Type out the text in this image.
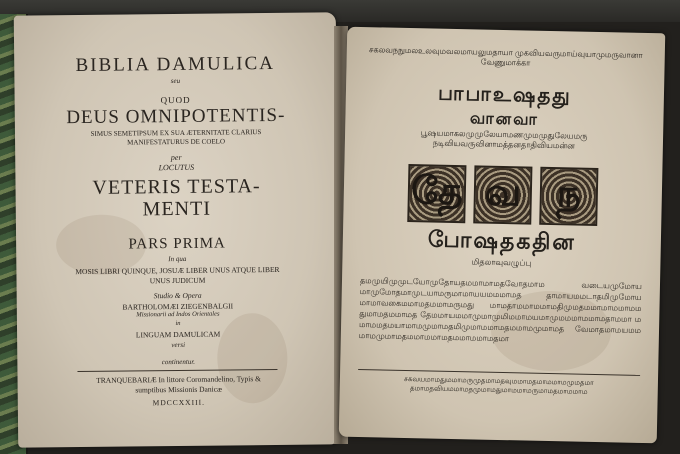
BIBLIA DAMULICA
seu
QUOD
DEUS OMNIPOTENTIS-
SIMUS SEMETIPSUM EX SUA ÆTERNITATE CLARIUS MANIFESTATURUS DE COELO
per
LOCUTUS
VETERIS TESTA- MENTI
PARS PRIMA
In qua
MOSIS LIBRI QUINQUE, JOSUÆ LIBER UNUS ATQUE LIBER UNUS JUDICUM
Studio & Opera
BARTHOLOMÆI ZIEGENBALGII
Missionarii ad Indos Orientales
in
LINGUAM DAMULICAM
versi
continentur.
TRANQUEBARIÆ In littore Coromandelino, Typis & sumptibus Missionis Danicæ
MDCCXXIII.
சகலவநநுமலஉலவுமவலமாயலுமதாயா முகவியவருமாய்வுயாமுமருவானா வேணுமாக்கா
பாபாஉஷதது
வானவா
பூஷயமாகலமுமுலேயாமணமுமமுதுலேயமரு நடிவியவருவினாமத்தனதாதிவியமன்ன
தே வ ந
போஷதகதின
மிதலாவுவழுப்பு
தமமுயிமுமுடயோமுதோயதமமாமாமதவோதமாம வடையமுமோயமாமுமோதமாமுடயாமருமாமாயயமமமாமத தாமாயமமடாதமிமுமோயமாமாவகைமமாமதமமாமருமது மாமதாமமாமமாமதிமுமதமமாமாமமாமமதுமாமதமமாமத தேமமாயமமாமுமாமுமிமமாமயமாமுமமமாமமாமதாமமா மமாமமதமயாமாமமுமாமதமிமுமாமமாமதமமாமமுமாமத வேமாதமாமயமமமாமமுமாமதமமாமமாமதமமாமமாமதமா
சகவயமாமதுமமாமருமுதமாமதவுமமாமதமாமமாமமுமதமா தமாமதவியமமாமதமுமாமதுமாமமாமருமாமதமாமமாம
